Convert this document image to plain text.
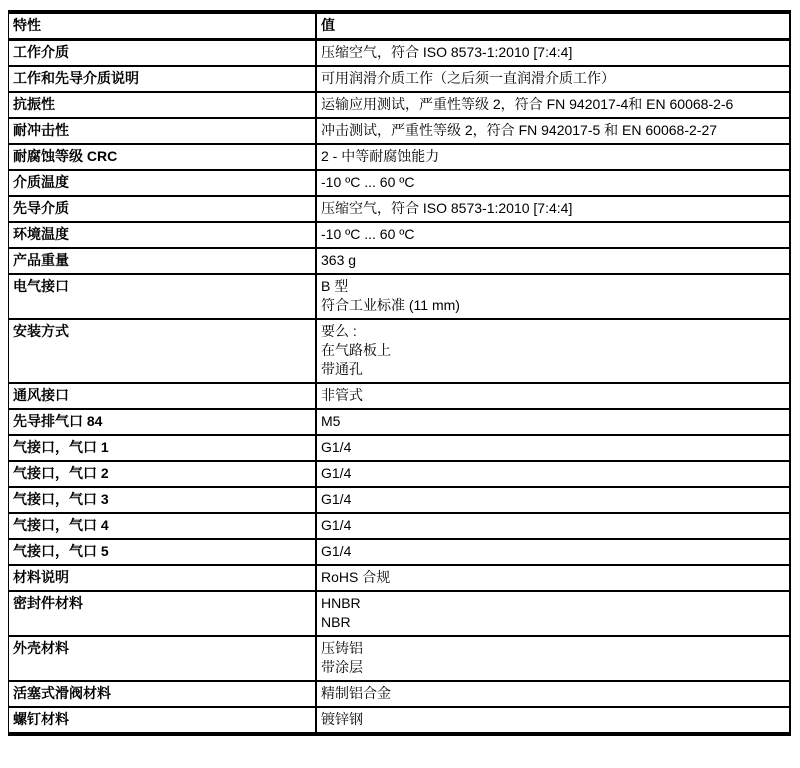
特性	值
工作介质	压缩空气，符合 ISO 8573-1:2010 [7:4:4]

工作和先导介质说明	可用润滑介质工作（之后须一直润滑介质工作）

抗振性	运输应用测试，严重性等级 2，符合 FN 942017-4和 EN 60068-2-6

耐冲击性	冲击测试，严重性等级 2，符合 FN 942017-5 和 EN 60068-2-27

耐腐蚀等级 CRC	2 - 中等耐腐蚀能力

介质温度	-10 ºC ... 60 ºC

先导介质	压缩空气，符合 ISO 8573-1:2010 [7:4:4]

环境温度	-10 ºC ... 60 ºC

产品重量	363 g

电气接口	B 型
符合工业标准 (11 mm)

安装方式	要么 :
在气路板上
带通孔

通风接口	非管式

先导排气口 84	M5

气接口，气口 1	G1/4

气接口，气口 2	G1/4

气接口，气口 3	G1/4

气接口，气口 4	G1/4

气接口，气口 5	G1/4

材料说明	RoHS 合规

密封件材料	HNBR
NBR

外壳材料	压铸铝
带涂层

活塞式滑阀材料	精制铝合金

螺钉材料	镀锌钢
